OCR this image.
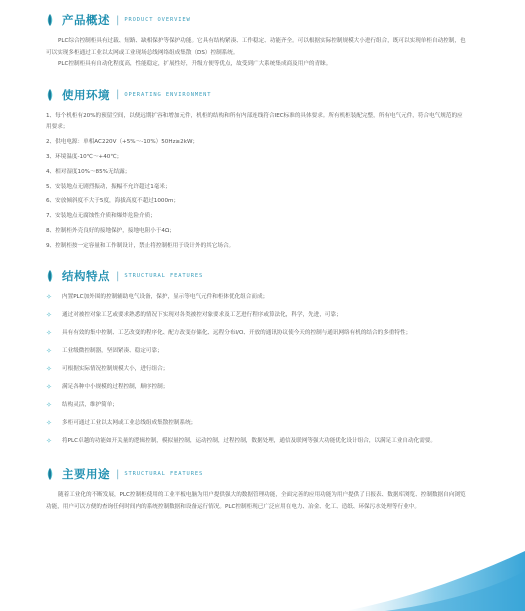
产品概述 | PRODUCT OVERVIEW

PLC综合控制柜具有过载、短路、缺相保护等保护功能。它具有结构紧凑、工作稳定、功能齐全。可以根据实际控制规模大小进行组合，既可以实现单柜自动控制，也可以实现多柜通过工业以太网或工业现场总线网络组成集散（DS）控制系统。

PLC控制柜具有自动化程度高，性能稳定，扩展性好，升级方便等优点，故受到广大系统集成商及用户的青睐。

使用环境 | OPERATING ENVIRONMENT

1、每个机柜有20%的预留空间，以便远期扩容和增加元件，机柜的结构和所有内部连线符合IEC标准的具体要求。所有机柜装配完整，所有电气元件，符合电气规范的应用要求；

2、供电电源：单相AC220V（+5%～-10%）50Hz≥2kW；

3、环境温度-10℃～+40℃；

4、相对湿度10%～85%无结露；

5、安装地点无剧烈振动，振幅不允许超过1毫米；

6、安放倾斜度不大于5度，海拔高度不超过1000m；

7、安装地点无腐蚀性介质和爆炸危险介质；

8、控制柜外壳良好的接地保护，接地电阻小于4Ω；

9、控制柜按一定容量和工作制设计，禁止将控制柜用于设计外的其它场合。

结构特点 | STRUCTURAL FEATURES
✧	内置PLC加外围的控制辅助电气设备，保护，显示等电气元件和柜体优化组合而成；
✧	通过对被控对象工艺或要求熟悉的情况下实现对各类被控对象要求及工艺进行程序或算法化，科学，先进，可靠；
✧	具有有效的集中控制、工艺改变的程序化、配方改变存储化、远程分布I/O、开放的通讯协议使今天的控制与通讯网络有机的结合的多重特性；
✧	工业级微控制器，坚固紧凑、稳定可靠；
✧	可根据实际情况控制规模大小，进行组合；
✧	满足各种中小规模的过程控制，顺序控制；
✧	结构灵活，维护简单；
✧	多柜可通过工业以太网或工业总线组成集散控制系统；
✧	将PLC卓越的功能如开关量的逻辑控制，模拟量控制，运动控制，过程控制，数据处理，通信及联网等强大功能优化设计组合，以满足工业自动化需要。
主要用途 | STRUCTURAL FEATURES

随着工业化的不断发展，PLC控制柜使用的工业平板电脑为用户提供强大的数据管理功能，全面完善的应用功能为用户提供了日报表、数据库浏览、控制数据自向浏览功能，用户可以方便的查询任何时间内的系统控制数据和设备运行情况。PLC控制柜现已广泛应用在电力、冶金、化工、造纸、环保污水处理等行业中。
